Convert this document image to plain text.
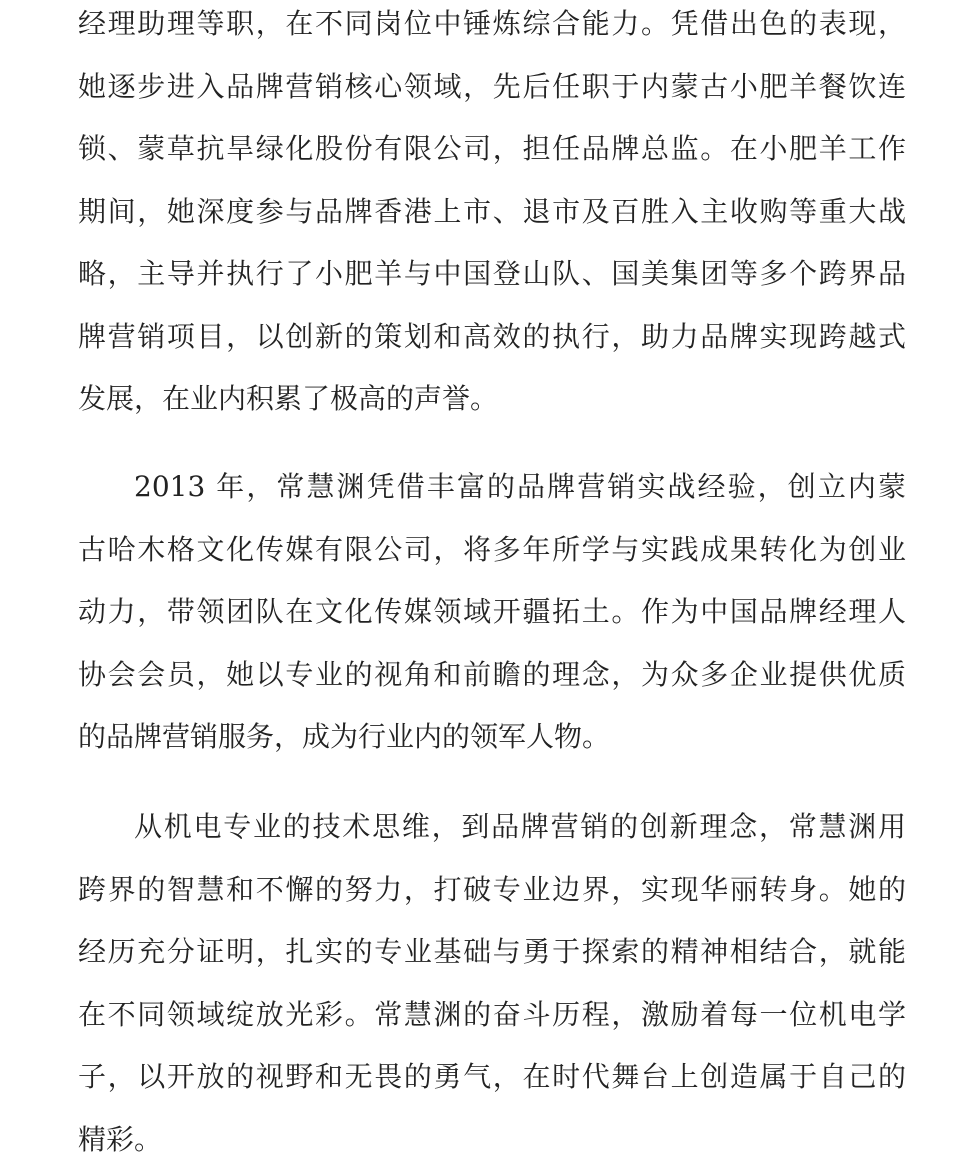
经理助理等职，在不同岗位中锤炼综合能力。凭借出色的表现，
她逐步进入品牌营销核心领域，先后任职于内蒙古小肥羊餐饮连
锁、蒙草抗旱绿化股份有限公司，担任品牌总监。在小肥羊工作
期间，她深度参与品牌香港上市、退市及百胜入主收购等重大战
略，主导并执行了小肥羊与中国登山队、国美集团等多个跨界品
牌营销项目，以创新的策划和高效的执行，助力品牌实现跨越式
发展，在业内积累了极高的声誉。
2013 年，常慧渊凭借丰富的品牌营销实战经验，创立内蒙
古哈木格文化传媒有限公司，将多年所学与实践成果转化为创业
动力，带领团队在文化传媒领域开疆拓土。作为中国品牌经理人
协会会员，她以专业的视角和前瞻的理念，为众多企业提供优质
的品牌营销服务，成为行业内的领军人物。
从机电专业的技术思维，到品牌营销的创新理念，常慧渊用
跨界的智慧和不懈的努力，打破专业边界，实现华丽转身。她的
经历充分证明，扎实的专业基础与勇于探索的精神相结合，就能
在不同领域绽放光彩。常慧渊的奋斗历程，激励着每一位机电学
子，以开放的视野和无畏的勇气，在时代舞台上创造属于自己的
精彩。
